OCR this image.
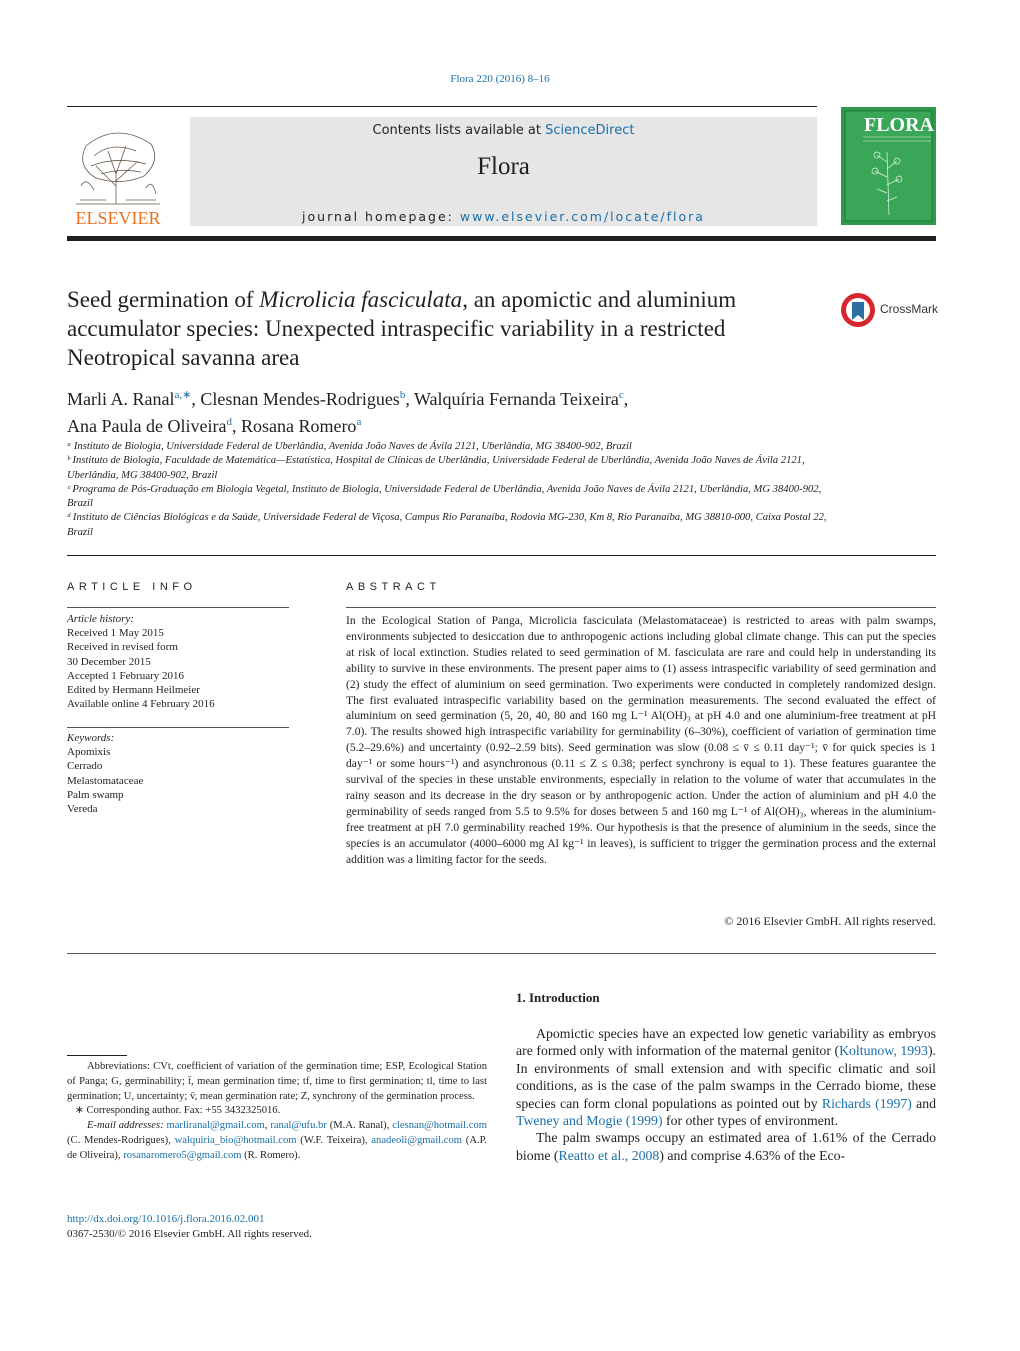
Flora 220 (2016) 8–16
ELSEVIER
Contents lists available at ScienceDirect
Flora
journal homepage: www.elsevier.com/locate/flora
FLORA
Seed germination of Microlicia fasciculata, an apomictic and aluminium accumulator species: Unexpected intraspecific variability in a restricted Neotropical savanna area
CrossMark
Marli A. Ranal$^{a,∗}$, Clesnan Mendes-Rodrigues$^b$, Walquíria Fernanda Teixeira$^c$,
Ana Paula de Oliveira$^d$, Rosana Romero$^a$

ᵃ Instituto de Biologia, Universidade Federal de Uberlândia, Avenida João Naves de Ávila 2121, Uberlândia, MG 38400-902, Brazil

ᵇ Instituto de Biologia, Faculdade de Matemática—Estatística, Hospital de Clínicas de Uberlândia, Universidade Federal de Uberlândia, Avenida João Naves de Ávila 2121, Uberlândia, MG 38400-902, Brazil

ᶜ Programa de Pós-Graduação em Biologia Vegetal, Instituto de Biologia, Universidade Federal de Uberlândia, Avenida João Naves de Ávila 2121, Uberlândia, MG 38400-902, Brazil

ᵈ Instituto de Ciências Biológicas e da Saúde, Universidade Federal de Viçosa, Campus Rio Paranaíba, Rodovia MG-230, Km 8, Rio Paranaíba, MG 38810-000, Caixa Postal 22, Brazil

ARTICLE INFO

Article history:

Received 1 May 2015

Received in revised form

30 December 2015

Accepted 1 February 2016

Edited by Hermann Heilmeier

Available online 4 February 2016

Keywords:

Apomixis

Cerrado

Melastomataceae

Palm swamp

Vereda

ABSTRACT
In the Ecological Station of Panga, Microlicia fasciculata (Melastomataceae) is restricted to areas with palm swamps, environments subjected to desiccation due to anthropogenic actions including global climate change. This can put the species at risk of local extinction. Studies related to seed germination of M. fasciculata are rare and could help in understanding its ability to survive in these environments. The present paper aims to (1) assess intraspecific variability of seed germination and (2) study the effect of aluminium on seed germination. Two experiments were conducted in completely randomized design. The first evaluated intraspecific variability based on the germination measurements. The second evaluated the effect of aluminium on seed germination (5, 20, 40, 80 and 160 mg L⁻¹ Al(OH)₃ at pH 4.0 and one aluminium-free treatment at pH 7.0). The results showed high intraspecific variability for germinability (6–30%), coefficient of variation of germination time (5.2–29.6%) and uncertainty (0.92–2.59 bits). Seed germination was slow (0.08 ≤ v̄ ≤ 0.11 day⁻¹; v̄ for quick species is 1 day⁻¹ or some hours⁻¹) and asynchronous (0.11 ≤ Z ≤ 0.38; perfect synchrony is equal to 1). These features guarantee the survival of the species in these unstable environments, especially in relation to the volume of water that accumulates in the rainy season and its decrease in the dry season or by anthropogenic action. Under the action of aluminium and pH 4.0 the germinability of seeds ranged from 5.5 to 9.5% for doses between 5 and 160 mg L⁻¹ of Al(OH)₃, whereas in the aluminium-free treatment at pH 7.0 germinability reached 19%. Our hypothesis is that the presence of aluminium in the seeds, since the species is an accumulator (4000–6000 mg Al kg⁻¹ in leaves), is sufficient to trigger the germination process and the external addition was a limiting factor for the seeds.
© 2016 Elsevier GmbH. All rights reserved.

Abbreviations: CVt, coefficient of variation of the germination time; ESP, Ecological Station of Panga; G, germinability; t̄, mean germination time; tf, time to first germination; tl, time to last germination; U, uncertainty; v̄, mean germination rate; Z, synchrony of the germination process.

∗ Corresponding author. Fax: +55 3432325016.

E-mail addresses: marliranal@gmail.com, ranal@ufu.br (M.A. Ranal), clesnan@hotmail.com (C. Mendes-Rodrigues), walquiria_bio@hotmail.com (W.F. Teixeira), anadeoli@gmail.com (A.P. de Oliveira), rosanaromero5@gmail.com (R. Romero).

http://dx.doi.org/10.1016/j.flora.2016.02.001

0367-2530/© 2016 Elsevier GmbH. All rights reserved.

1. Introduction

Apomictic species have an expected low genetic variability as embryos are formed only with information of the maternal genitor (Koltunow, 1993). In environments of small extension and with specific climatic and soil conditions, as is the case of the palm swamps in the Cerrado biome, these species can form clonal populations as pointed out by Richards (1997) and Tweney and Mogie (1999) for other types of environment.

The palm swamps occupy an estimated area of 1.61% of the Cerrado biome (Reatto et al., 2008) and comprise 4.63% of the Eco-
